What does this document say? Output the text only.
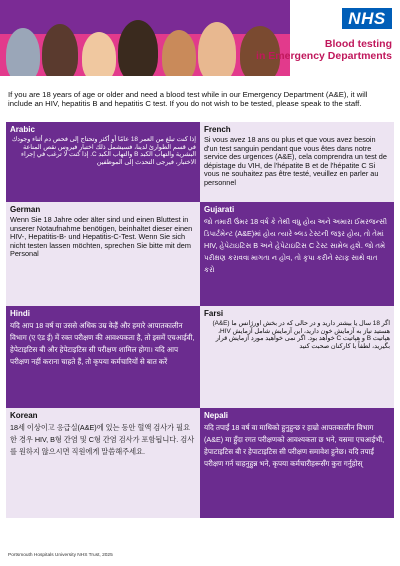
NHS
Blood testing
in Emergency Departments

If you are 18 years of age or older and need a blood test while in our Emergency Department (A&E), it will include an HIV, hepatitis B and hepatitis C test. If you do not wish to be tested, please speak to the staff.

Arabic

إذا كنت تبلغ من العمر 18 عامًا أو أكثر وتحتاج إلى فحص دم أثناء وجودك في قسم الطوارئ لدينا، فسيشمل ذلك اختبار فيروس نقص المناعة البشرية والتهاب الكبد B والتهاب الكبد C. إذا كنت لا ترغب في إجراء الاختبار، فيرجى التحدث إلى الموظفين

French

Si vous avez 18 ans ou plus et que vous avez besoin d'un test sanguin pendant que vous êtes dans notre service des urgences (A&E), cela comprendra un test de dépistage du VIH, de l'hépatite B et de l'hépatite C Si vous ne souhaitez pas être testé, veuillez en parler au personnel

German

Wenn Sie 18 Jahre oder älter sind und einen Bluttest in unserer Notaufnahme benötigen, beinhaltet dieser einen HIV-, Hepatitis-B- und Hepatitis-C-Test. Wenn Sie sich nicht testen lassen möchten, sprechen Sie bitte mit dem Personal

Gujarati

જો તમારી ઉંમર 18 વર્ષ કે તેથી વધુ હોય અને અમારા ઈમરજન્સી ડિપાર્ટમેન્ટ (A&E)માં હોય ત્યારે બ્લડ ટેસ્ટની જરૂર હોય, તો તેમાં HIV, હેપેટાઇટિસ B અને હેપેટાઇટિસ C ટેસ્ટ સામેલ હશે. જો તમે પરીક્ષણ કરાવવા માગતા ન હોવ, તો કૃપા કરીને સ્ટાફ સાથે વાત કરો

Hindi

यदि आप 18 वर्ष या उससे अधिक उम्र केहैं और हमारे आपातकालीन विभाग (ए एंड ई) में रक्त परीक्षण की आवश्यकता है, तो इसमें एचआईवी, हेपेटाइटिस बी और हेपेटाइटिस सी परीक्षण शामिल होगा। यदि आप परीक्षण नहीं कराना चाहते हैं, तो कृपया कर्मचारियों से बात करें

Farsi

اگر 18 سال یا بیشتر دارید و در حالی که در بخش اورژانس ما (A&E) هستید نیاز به آزمایش خون دارید، این آزمایش شامل آزمایش HIV، هپاتیت B و هپاتیت C خواهد بود. اگر نمی خواهید مورد آزمایش قرار بگیرید، لطفاً با کارکنان صحبت کنید

Korean

18세 이상이고 응급실(A&E)에 있는 동안 혈액 검사가 필요한 경우 HIV, B형 간염 및 C형 간염 검사가 포함됩니다. 검사를 원하지 않으시면 직원에게 말씀해주세요.

Nepali

यदि तपाईं 18 वर्ष वा माथिको हुनुहुन्छ र हाम्रो आपतकालीन विभाग (A&E) मा हुँदा रगत परीक्षणको आवश्यकता छ भने, यसमा एचआईभी, हेपाटाइटिस बी र हेपाटाइटिस सी परीक्षण समावेश हुनेछ। यदि तपाईं परीक्षण गर्न चाहनुहुन्न भने, कृपया कर्मचारीहरूसँग कुरा गर्नुहोस्

Portsmouth Hospitals University NHS Trust, 2025
